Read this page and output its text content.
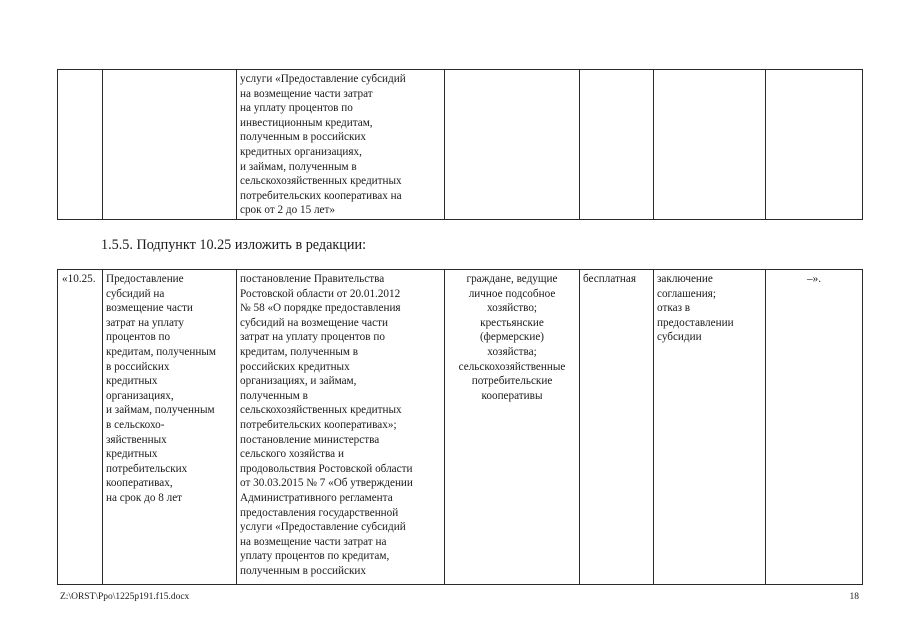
		услуги «Предоставление субсидий
на возмещение части затрат
на уплату процентов по
инвестиционным кредитам,
полученным в российских
кредитных организациях,
и займам, полученным в
сельскохозяйственных кредитных
потребительских кооперативах на
срок от 2 до 15 лет»				
1.5.5. Подпункт 10.25 изложить в редакции:
«10.25.	Предоставление
субсидий на
возмещение части
затрат на уплату
процентов по
кредитам, полученным
в российских
кредитных
организациях,
и займам, полученным
в сельскохо-
зяйственных
кредитных
потребительских
кооперативах,
на срок до 8 лет	постановление Правительства
Ростовской области от 20.01.2012
№ 58 «О порядке предоставления
субсидий на возмещение части
затрат на уплату процентов по
кредитам, полученным в
российских кредитных
организациях, и займам,
полученным в
сельскохозяйственных кредитных
потребительских кооперативах»;
постановление министерства
сельского хозяйства и
продовольствия Ростовской области
от 30.03.2015 № 7 «Об утверждении
Административного регламента
предоставления государственной
услуги «Предоставление субсидий
на возмещение части затрат на
уплату процентов по кредитам,
полученным в российских	граждане, ведущие
личное подсобное
хозяйство;
крестьянские
(фермерские)
хозяйства;
сельскохозяйственные
потребительские
кооперативы	бесплатная	заключение
соглашения;
отказ в
предоставлении
субсидии	–».
Z:\ORST\Ppo\1225p191.f15.docx	18
